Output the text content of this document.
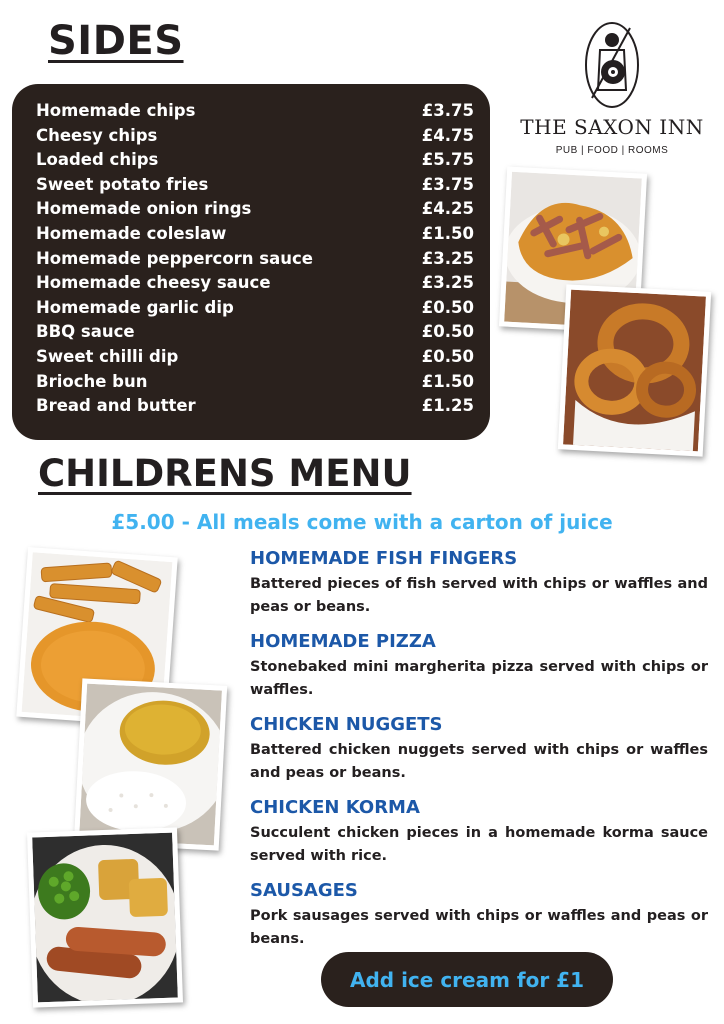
SIDES
Homemade chips	£3.75
Cheesy chips	£4.75
Loaded chips	£5.75
Sweet potato fries	£3.75
Homemade onion rings	£4.25
Homemade coleslaw	£1.50
Homemade peppercorn sauce	£3.25
Homemade cheesy sauce	£3.25
Homemade garlic dip	£0.50
BBQ sauce	£0.50
Sweet chilli dip	£0.50
Brioche bun	£1.50
Bread and butter	£1.25
THE SAXON INN
PUB | FOOD | ROOMS
CHILDRENS MENU
£5.00 - All meals come with a carton of juice
HOMEMADE FISH FINGERS

Battered pieces of fish served with chips or waffles and peas or beans.

HOMEMADE PIZZA

Stonebaked mini margherita pizza served with chips or waffles.

CHICKEN NUGGETS

Battered chicken nuggets served with chips or waffles and peas or beans.

CHICKEN KORMA

Succulent chicken pieces in a homemade korma sauce served with rice.

SAUSAGES

Pork sausages served with chips or waffles and peas or beans.

Add ice cream for £1
